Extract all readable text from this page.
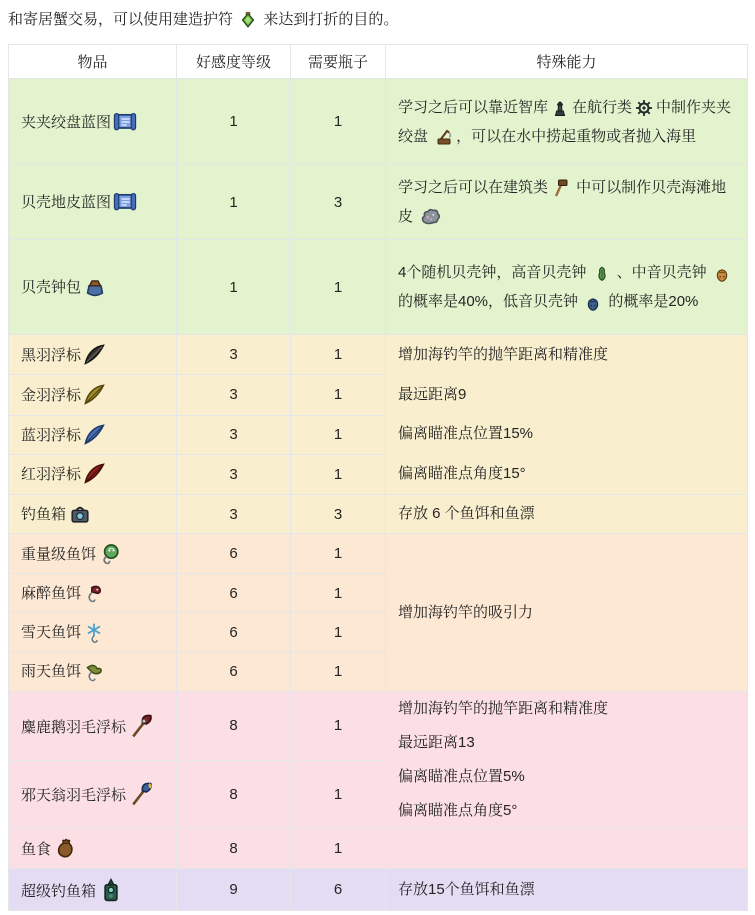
和寄居蟹交易，可以使用建造护符  来达到打折的目的。

物品	好感度等级	需要瓶子	特殊能力
夹夹绞盘蓝图	1	1	学习之后可以靠近智库 在航行类 中制作夹夹绞盘 ，可以在水中捞起重物或者抛入海里

贝壳地皮蓝图	1	3	学习之后可以在建筑类 中可以制作贝壳海滩地皮

贝壳钟包	1	1	4个随机贝壳钟，高音贝壳钟  、中音贝壳钟  的概率是40%，低音贝壳钟  的概率是20%

黑羽浮标	3	1	增加海钓竿的抛竿距离和精准度
最远距离9
偏离瞄准点位置15%
偏离瞄准点角度15°

金羽浮标	3	1	
蓝羽浮标	3	1	
红羽浮标	3	1	
钓鱼箱	3	3	存放 6 个鱼饵和鱼漂

重量级鱼饵	6	1	增加海钓竿的吸引力

麻醉鱼饵	6	1	
雪天鱼饵	6	1	
雨天鱼饵	6	1	
麋鹿鹅羽毛浮标	8	1	增加海钓竿的抛竿距离和精准度
最远距离13
偏离瞄准点位置5%
偏离瞄准点角度5°

邪天翁羽毛浮标	8	1	
鱼食	8	1	
超级钓鱼箱	9	6	存放15个鱼饵和鱼漂
